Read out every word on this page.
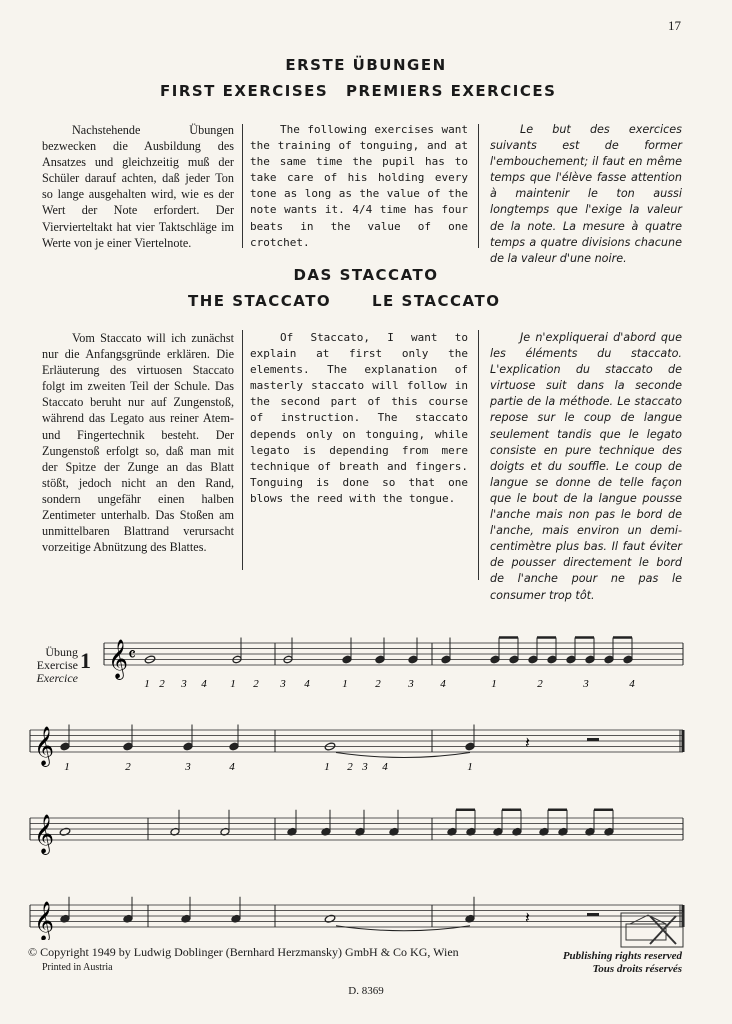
17
ERSTE ÜBUNGEN
FIRST EXERCISES PREMIERS EXERCICES

Nachstehende Übungen bezwecken die Ausbildung des Ansatzes und gleichzeitig muß der Schüler darauf achten, daß jeder Ton so lange ausgehalten wird, wie es der Wert der Note erfordert. Der Viervierteltakt hat vier Taktschläge im Werte von je einer Viertelnote.

The following exercises want the training of tonguing, and at the same time the pupil has to take care of his holding every tone as long as the value of the note wants it. 4/4 time has four beats in the value of one crotchet.

Le but des exercices suivants est de former l'embouchement; il faut en même temps que l'élève fasse attention à maintenir le ton aussi longtemps que l'exige la valeur de la note. La mesure à quatre temps a quatre divisions chacune de la valeur d'une noire.

DAS STACCATO
THE STACCATO	LE STACCATO

Vom Staccato will ich zunächst nur die Anfangsgründe erklären. Die Erläuterung des virtuosen Staccato folgt im zweiten Teil der Schule. Das Staccato beruht nur auf Zungenstoß, während das Legato aus reiner Atem- und Fingertechnik besteht. Der Zungenstoß erfolgt so, daß man mit der Spitze der Zunge an das Blatt stößt, jedoch nicht an den Rand, sondern ungefähr einen halben Zentimeter unterhalb. Das Stoßen am unmittelbaren Blattrand verursacht vorzeitige Abnützung des Blattes.

Of Staccato, I want to explain at first only the elements. The explanation of masterly staccato will follow in the second part of this course of instruction. The staccato depends only on tonguing, while legato is depending from mere technique of breath and fingers. Tonguing is done so that one blows the reed with the tongue.

Je n'expliquerai d'abord que les éléments du staccato. L'explication du staccato de virtuose suit dans la seconde partie de la méthode. Le staccato repose sur le coup de langue seulement tandis que le legato consiste en pure technique des doigts et du souffle. Le coup de langue se donne de telle façon que le bout de la langue pousse l'anche mais non pas le bord de l'anche, mais environ un demi-centimètre plus bas. Il faut éviter de pousser directement le bord de l'anche pour ne pas le consumer trop tôt.

Übung
Exercise
Exercice
1 𝄞
𝄞
𝄞
𝄞
𝄴
1 2 3 4 1 2 3 4	1	2	3 4	1	2	3	4
𝄽
1	2	3	4	1 2 3 4	1
𝄽
© Copyright 1949 by Ludwig Doblinger (Bernhard Herzmansky) GmbH & Co KG, Wien
Printed in Austria
D. 8369
Publishing rights reserved
Tous droits réservés
